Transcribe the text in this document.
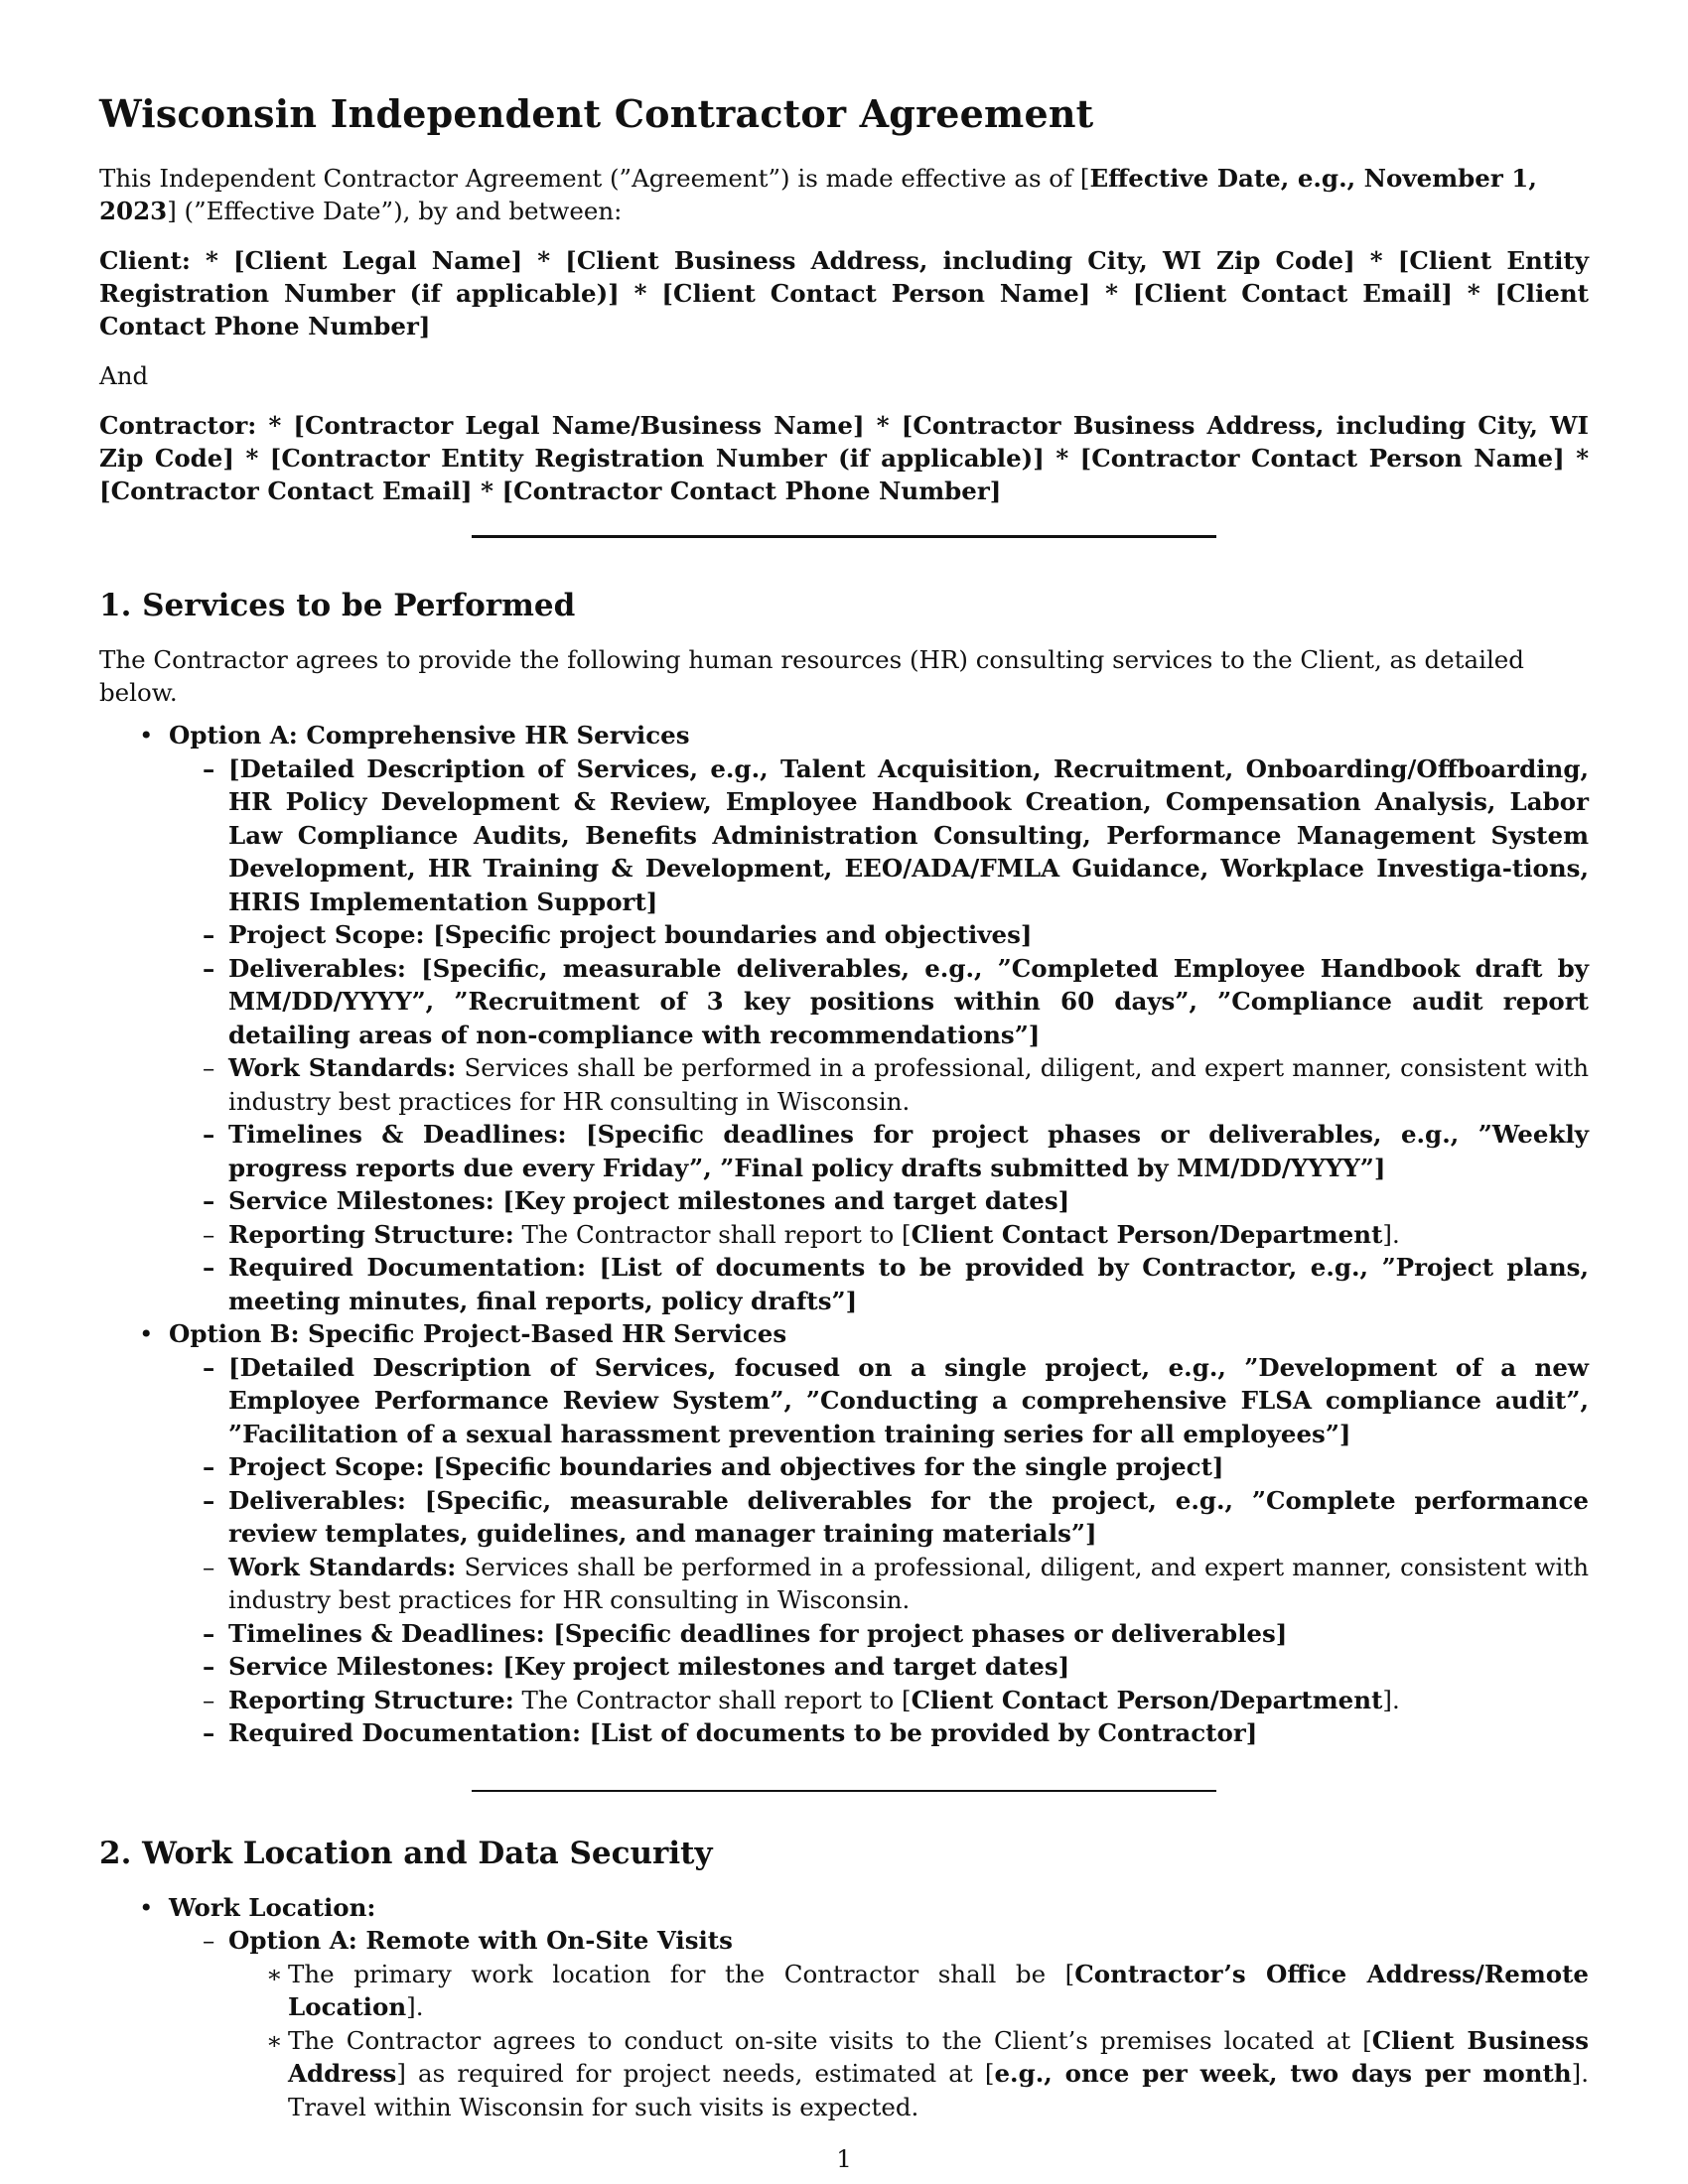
Wisconsin Independent Contractor Agreement

This Independent Contractor Agreement (”Agreement”) is made effective as of [Effective Date, e.g., November 1, 2023] (”Effective Date”), by and between:

Client: * [Client Legal Name] * [Client Business Address, including City, WI Zip Code] * [Client Entity Registration Number (if applicable)] * [Client Contact Person Name] * [Client Contact Email] * [Client Contact Phone Number]

And

Contractor: * [Contractor Legal Name/Business Name] * [Contractor Business Address, including City, WI Zip Code] * [Contractor Entity Registration Number (if applicable)] * [Contractor Contact Person Name] * [Contractor Contact Email] * [Contractor Contact Phone Number]

1. Services to be Performed

The Contractor agrees to provide the following human resources (HR) consulting services to the Client, as detailed below.

• Option A: Comprehensive HR Services
– [Detailed Description of Services, e.g., Talent Acquisition, Recruitment, Onboarding/Offboarding, HR Policy Development & Review, Employee Handbook Creation, Compensation Analysis, Labor Law Compliance Audits, Benefits Administration Consulting, Performance Management System Development, HR Training & Development, EEO/ADA/FMLA Guidance, Workplace Investiga-tions, HRIS Implementation Support]
– Project Scope: [Specific project boundaries and objectives]
– Deliverables: [Specific, measurable deliverables, e.g., ”Completed Employee Handbook draft by MM/DD/YYYY”, ”Recruitment of 3 key positions within 60 days”, ”Compliance audit report detailing areas of non-compliance with recommendations”]
– Work Standards: Services shall be performed in a professional, diligent, and expert manner, consistent with industry best practices for HR consulting in Wisconsin.
– Timelines & Deadlines: [Specific deadlines for project phases or deliverables, e.g., ”Weekly progress reports due every Friday”, ”Final policy drafts submitted by MM/DD/YYYY”]
– Service Milestones: [Key project milestones and target dates]
– Reporting Structure: The Contractor shall report to [Client Contact Person/Department].
– Required Documentation: [List of documents to be provided by Contractor, e.g., ”Project plans, meeting minutes, final reports, policy drafts”]
• Option B: Specific Project-Based HR Services
– [Detailed Description of Services, focused on a single project, e.g., ”Development of a new Employee Performance Review System”, ”Conducting a comprehensive FLSA compliance audit”, ”Facilitation of a sexual harassment prevention training series for all employees”]
– Project Scope: [Specific boundaries and objectives for the single project]
– Deliverables: [Specific, measurable deliverables for the project, e.g., ”Complete performance review templates, guidelines, and manager training materials”]
– Work Standards: Services shall be performed in a professional, diligent, and expert manner, consistent with industry best practices for HR consulting in Wisconsin.
– Timelines & Deadlines: [Specific deadlines for project phases or deliverables]
– Service Milestones: [Key project milestones and target dates]
– Reporting Structure: The Contractor shall report to [Client Contact Person/Department].
– Required Documentation: [List of documents to be provided by Contractor]
2. Work Location and Data Security
• Work Location:
– Option A: Remote with On-Site Visits
∗ The primary work location for the Contractor shall be [Contractor’s Office Address/Remote Location].
∗ The Contractor agrees to conduct on-site visits to the Client’s premises located at [Client Business Address] as required for project needs, estimated at [e.g., once per week, two days per month]. Travel within Wisconsin for such visits is expected.
1
